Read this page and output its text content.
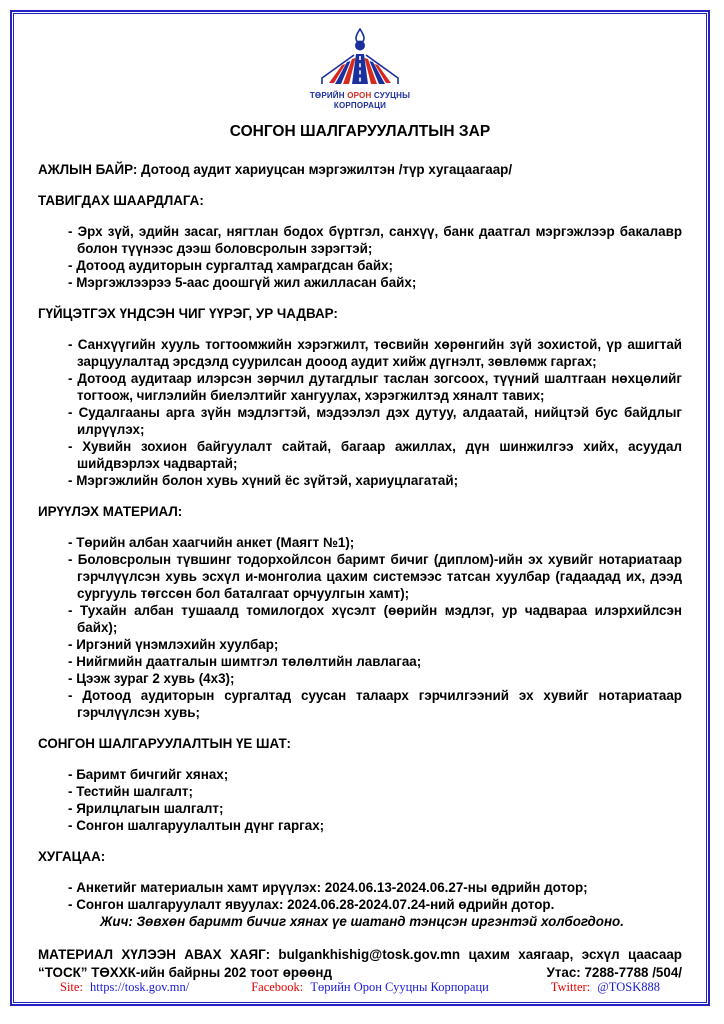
ТӨРИЙН ОРОН СУУЦНЫ
КОРПОРАЦИ
СОНГОН ШАЛГАРУУЛАЛТЫН ЗАР

АЖЛЫН БАЙР: Дотоод аудит хариуцсан мэргэжилтэн /түр хугацаагаар/

ТАВИГДАХ ШААРДЛАГА:
- Эрх зүй, эдийн засаг, нягтлан бодох бүртгэл, санхүү, банк даатгал мэргэжлээр бакалавр болон түүнээс дээш боловсролын зэрэгтэй;
- Дотоод аудиторын сургалтад хамрагдсан байх;
- Мэргэжлээрээ 5-аас доошгүй жил ажилласан байх;
ГҮЙЦЭТГЭХ ҮНДСЭН ЧИГ ҮҮРЭГ, УР ЧАДВАР:
- Санхүүгийн хууль тогтоомжийн хэрэгжилт, төсвийн хөрөнгийн зүй зохистой, үр ашигтай зарцуулалтад эрсдэлд суурилсан дооод аудит хийж дүгнэлт, зөвлөмж гаргах;
- Дотоод аудитаар илэрсэн зөрчил дутагдлыг таслан зогсоох, түүний шалтгаан нөхцөлийг тогтоож, чиглэлийн биелэлтийг хангуулах, хэрэгжилтэд хяналт тавих;
- Судалгааны арга зүйн мэдлэгтэй, мэдээлэл дэх дутуу, алдаатай, нийцтэй бус байдлыг илрүүлэх;
- Хувийн зохион байгуулалт сайтай, багаар ажиллах, дүн шинжилгээ хийх, асуудал шийдвэрлэх чадвартай;
- Мэргэжлийн болон хувь хүний ёс зүйтэй, хариуцлагатай;
ИРҮҮЛЭХ МАТЕРИАЛ:
- Төрийн албан хаагчийн анкет (Маягт №1);
- Боловсролын түвшинг тодорхойлсон баримт бичиг (диплом)-ийн эх хувийг нотариатаар гэрчлүүлсэн хувь эсхүл и-монголиа цахим системээс татсан хуулбар (гадаадад их, дээд сургууль төгссөн бол баталгаат орчуулгын хамт);
- Тухайн албан тушаалд томилогдох хүсэлт (өөрийн мэдлэг, ур чадвараа илэрхийлсэн байх);
- Иргэний үнэмлэхийн хуулбар;
- Нийгмийн даатгалын шимтгэл төлөлтийн лавлагаа;
- Цээж зураг 2 хувь (4x3);
- Дотоод аудиторын сургалтад суусан талаарх гэрчилгээний эх хувийг нотариатаар гэрчлүүлсэн хувь;
СОНГОН ШАЛГАРУУЛАЛТЫН ҮЕ ШАТ:
- Баримт бичгийг хянах;
- Тестийн шалгалт;
- Ярилцлагын шалгалт;
- Сонгон шалгаруулалтын дүнг гаргах;
ХУГАЦАА:
- Анкетийг материалын хамт ирүүлэх: 2024.06.13-2024.06.27-ны өдрийн дотор;
- Сонгон шалгаруулалт явуулах: 2024.06.28-2024.07.24-ний өдрийн дотор.

Жич: Зөвхөн баримт бичиг хянах үе шатанд тэнцсэн иргэнтэй холбогдоно.

МАТЕРИАЛ ХҮЛЭЭН АВАХ ХАЯГ: bulgankhishig@tosk.gov.mn цахим хаягаар, эсхүл цаасаар

“ТОСК” ТӨХХК-ийн байрны 202 тоот өрөөнд	Утас: 7288-7788 /504/
Site: https://tosk.gov.mn/	Facebook: Төрийн Орон Сууцны Корпораци	Twitter: @TOSK888
